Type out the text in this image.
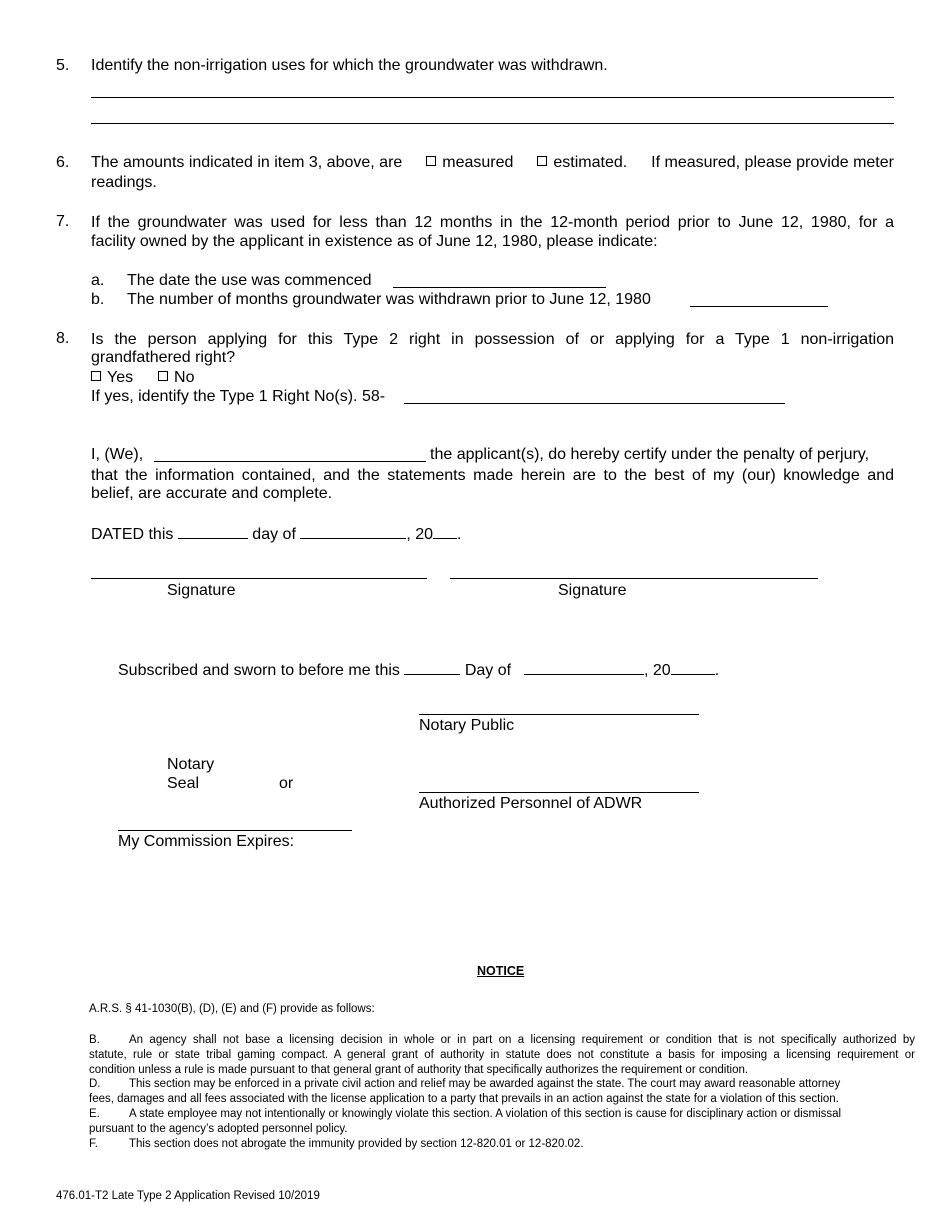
5. Identify the non-irrigation uses for which the groundwater was withdrawn.
6. The amounts indicated in item 3, above, are	measured	estimated. If measured, please provide meter
readings.
7. If the groundwater was used for less than 12 months in the 12-month period prior to June 12, 1980, for a
facility owned by the applicant in existence as of June 12, 1980, please indicate:
a. The date the use was commenced
b. The number of months groundwater was withdrawn prior to June 12, 1980
8. Is the person applying for this Type 2 right in possession of or applying for a Type 1 non-irrigation
grandfathered right?
Yes	No
If yes, identify the Type 1 Right No(s). 58-
I, (We),	the applicant(s), do hereby certify under the penalty of perjury,
that the information contained, and the statements made herein are to the best of my (our) knowledge and
belief, are accurate and complete.
DATED this	day of	, 20 .
Signature	Signature
Subscribed and sworn to before me this	Day of	, 20	.
Notary Public
Notary
Seal	or
Authorized Personnel of ADWR
My Commission Expires:
NOTICE
A.R.S. § 41-1030(B), (D), (E) and (F) provide as follows:
B.	An agency shall not base a licensing decision in whole or in part on a licensing requirement or condition that is not specifically authorized by
statute, rule or state tribal gaming compact. A general grant of authority in statute does not constitute a basis for imposing a licensing requirement or
condition unless a rule is made pursuant to that general grant of authority that specifically authorizes the requirement or condition.
D. This section may be enforced in a private civil action and relief may be awarded against the state. The court may award reasonable attorney
fees, damages and all fees associated with the license application to a party that prevails in an action against the state for a violation of this section.
E.	A state employee may not intentionally or knowingly violate this section. A violation of this section is cause for disciplinary action or dismissal
pursuant to the agency’s adopted personnel policy.
F.	This section does not abrogate the immunity provided by section 12-820.01 or 12-820.02.
476.01-T2 Late Type 2 Application Revised 10/2019
